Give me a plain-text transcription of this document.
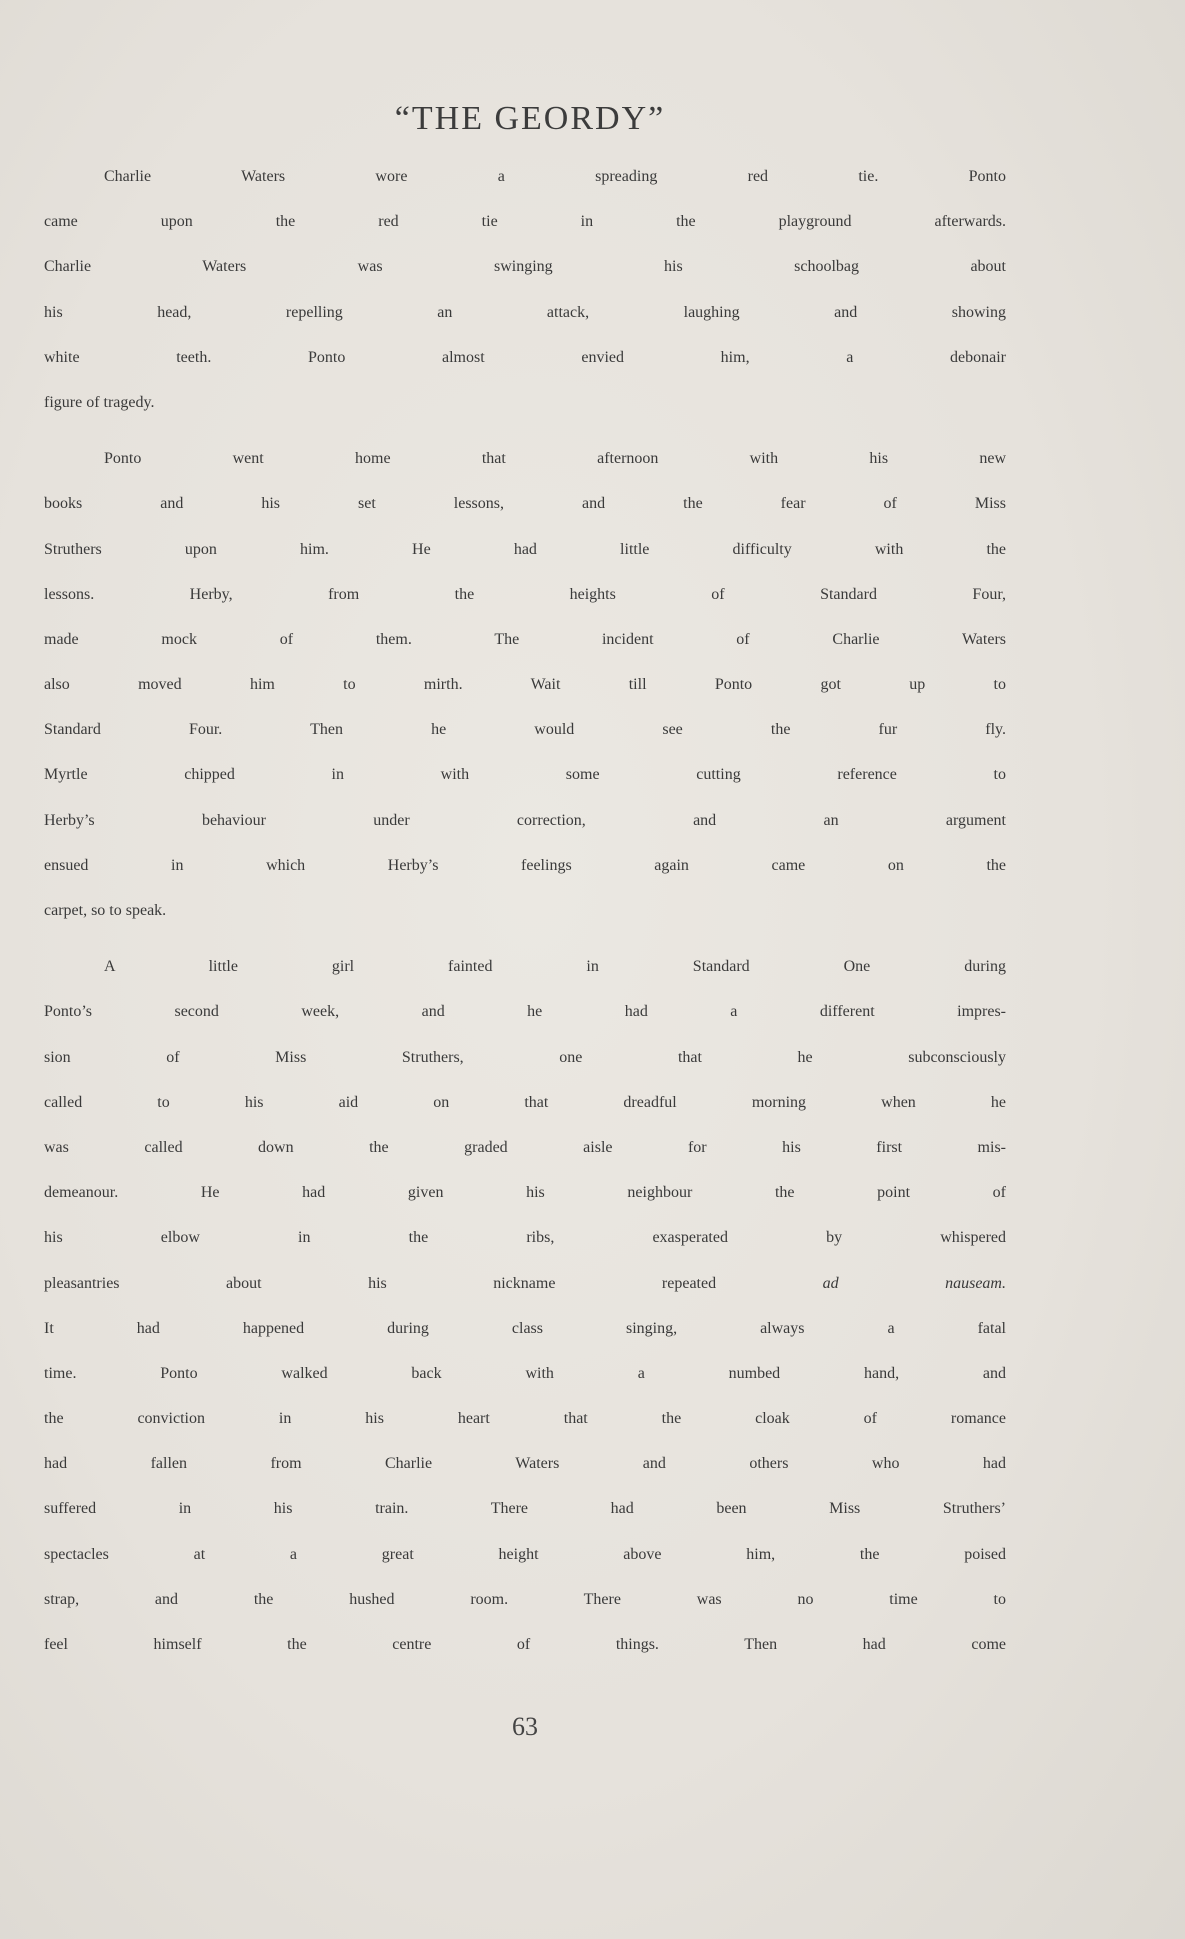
“THE GEORDY”
Charlie Waters wore a spreading red tie. Ponto
came upon the red tie in the playground afterwards.
Charlie Waters was swinging his schoolbag about
his head, repelling an attack, laughing and showing
white teeth. Ponto almost envied him, a debonair
figure of tragedy.
Ponto went home that afternoon with his new
books and his set lessons, and the fear of Miss
Struthers upon him. He had little difficulty with the
lessons. Herby, from the heights of Standard Four,
made mock of them. The incident of Charlie Waters
also moved him to mirth. Wait till Ponto got up to
Standard Four. Then he would see the fur fly.
Myrtle chipped in with some cutting reference to
Herby’s behaviour under correction, and an argument
ensued in which Herby’s feelings again came on the
carpet, so to speak.
A little girl fainted in Standard One during
Ponto’s second week, and he had a different impres-
sion of Miss Struthers, one that he subconsciously
called to his aid on that dreadful morning when he
was called down the graded aisle for his first mis-
demeanour. He had given his neighbour the point of
his elbow in the ribs, exasperated by whispered
pleasantries about his nickname repeated	ad nauseam.
It had happened during class singing, always a fatal
time. Ponto walked back with a numbed hand, and
the conviction in his heart that the cloak of romance
had fallen from Charlie Waters and others who had
suffered in his train. There had been Miss Struthers’
spectacles at a great height above him, the poised
strap, and the hushed room. There was no time to
feel himself the centre of things. Then had come
63
